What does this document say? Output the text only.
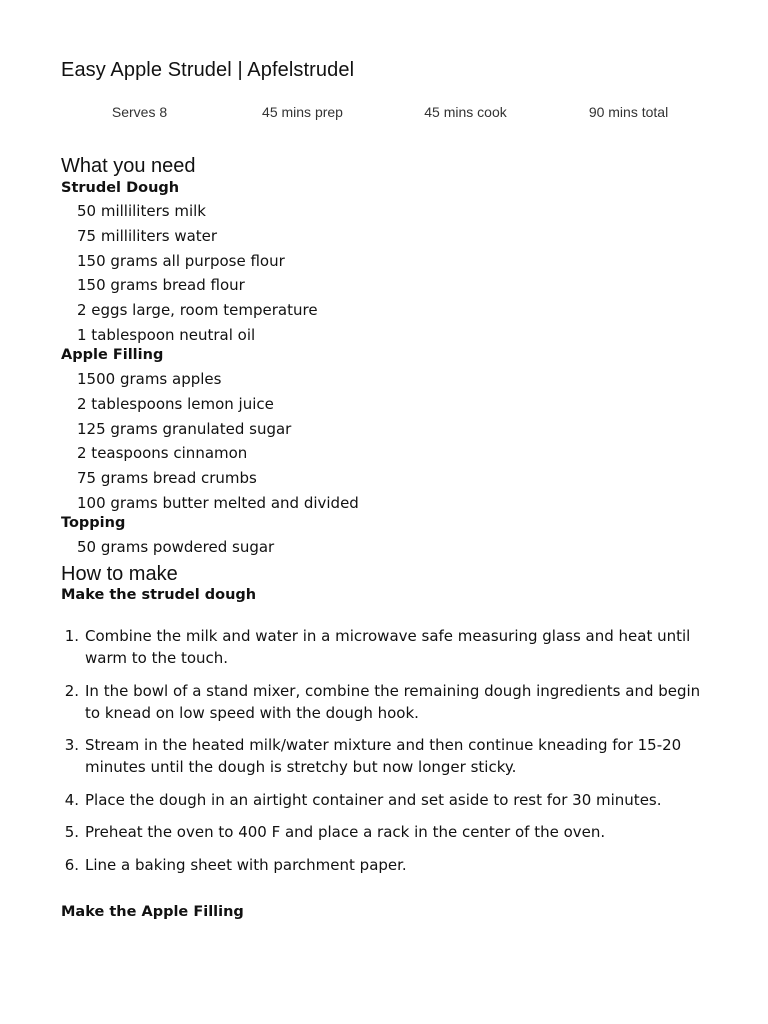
Easy Apple Strudel | Apfelstrudel
Serves 8	45 mins prep	45 mins cook	90 mins total
What you need
Strudel Dough
50 milliliters milk
75 milliliters water
150 grams all purpose flour
150 grams bread flour
2 eggs large, room temperature
1 tablespoon neutral oil
Apple Filling
1500 grams apples
2 tablespoons lemon juice
125 grams granulated sugar
2 teaspoons cinnamon
75 grams bread crumbs
100 grams butter melted and divided
Topping
50 grams powdered sugar
How to make
Make the strudel dough
1. Combine the milk and water in a microwave safe measuring glass and heat until warm to the touch.
2. In the bowl of a stand mixer, combine the remaining dough ingredients and begin to knead on low speed with the dough hook.
3. Stream in the heated milk/water mixture and then continue kneading for 15-20 minutes until the dough is stretchy but now longer sticky.
4. Place the dough in an airtight container and set aside to rest for 30 minutes.
5. Preheat the oven to 400 F and place a rack in the center of the oven.
6. Line a baking sheet with parchment paper.
Make the Apple Filling
